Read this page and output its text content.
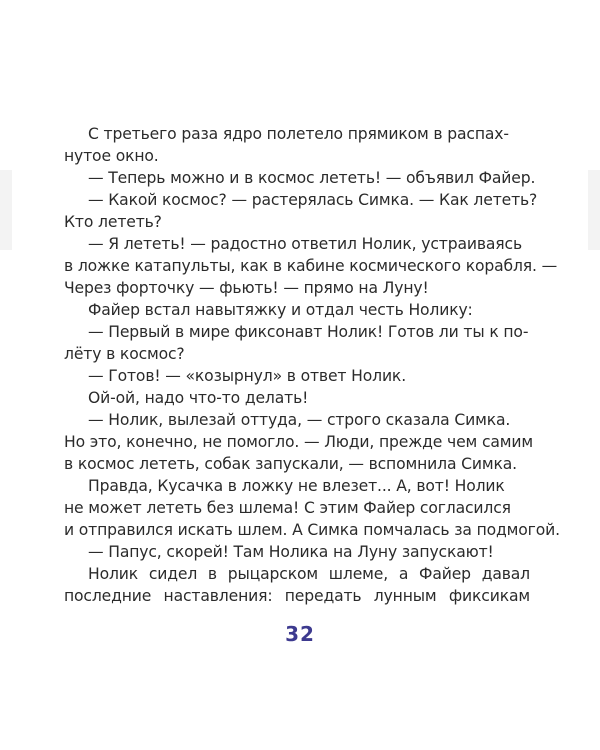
С третьего раза ядро полетело прямиком в распах-
нутое окно.
— Теперь можно и в космос лететь! — объявил Файер.
— Какой космос? — растерялась Симка. — Как лететь?
Кто лететь?
— Я лететь! — радостно ответил Нолик, устраиваясь
в ложке катапульты, как в кабине космического корабля. —
Через форточку — фьють! — прямо на Луну!
Файер встал навытяжку и отдал честь Нолику:
— Первый в мире фиксонавт Нолик! Готов ли ты к по-
лёту в космос?
— Готов! — «козырнул» в ответ Нолик.
Ой-ой, надо что-то делать!
— Нолик, вылезай оттуда, — строго сказала Симка.
Но это, конечно, не помогло. — Люди, прежде чем самим
в космос лететь, собак запускали, — вспомнила Симка.
Правда, Кусачка в ложку не влезет... А, вот! Нолик
не может лететь без шлема! С этим Файер согласился
и отправился искать шлем. А Симка помчалась за подмогой.
— Папус, скорей! Там Нолика на Луну запускают!
Нолик сидел в рыцарском шлеме, а Файер давал
последние наставления: передать лунным фиксикам
32
